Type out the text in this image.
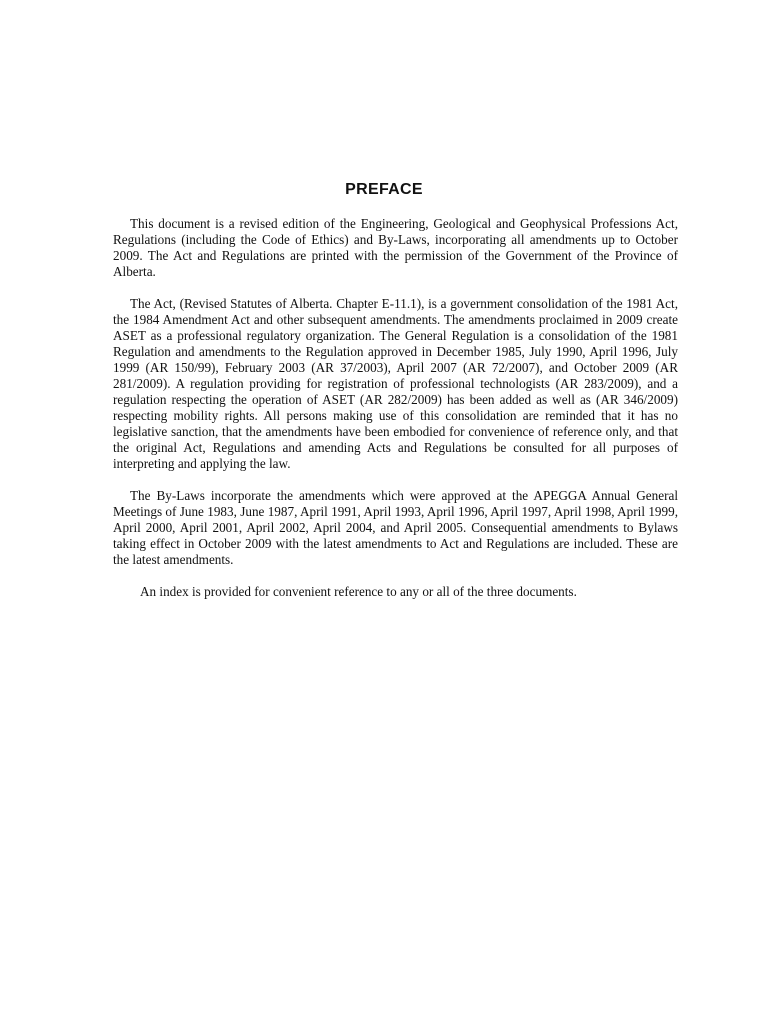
PREFACE

This document is a revised edition of the Engineering, Geological and Geophysical Professions Act, Regulations (including the Code of Ethics) and By-Laws, incorporating all amendments up to October 2009. The Act and Regulations are printed with the permission of the Government of the Province of Alberta.

The Act, (Revised Statutes of Alberta. Chapter E-11.1), is a government consolidation of the 1981 Act, the 1984 Amendment Act and other subsequent amendments. The amendments proclaimed in 2009 create ASET as a professional regulatory organization. The General Regulation is a consolidation of the 1981 Regulation and amendments to the Regulation approved in December 1985, July 1990, April 1996, July 1999 (AR 150/99), February 2003 (AR 37/2003), April 2007 (AR 72/2007), and October 2009 (AR 281/2009). A regulation providing for registration of professional technologists (AR 283/2009), and a regulation respecting the operation of ASET (AR 282/2009) has been added as well as (AR 346/2009) respecting mobility rights. All persons making use of this consolidation are reminded that it has no legislative sanction, that the amendments have been embodied for convenience of reference only, and that the original Act, Regulations and amending Acts and Regulations be consulted for all purposes of interpreting and applying the law.

The By-Laws incorporate the amendments which were approved at the APEGGA Annual General Meetings of June 1983, June 1987, April 1991, April 1993, April 1996, April 1997, April 1998, April 1999, April 2000, April 2001, April 2002, April 2004, and April 2005. Consequential amendments to Bylaws taking effect in October 2009 with the latest amendments to Act and Regulations are included. These are the latest amendments.

An index is provided for convenient reference to any or all of the three documents.
